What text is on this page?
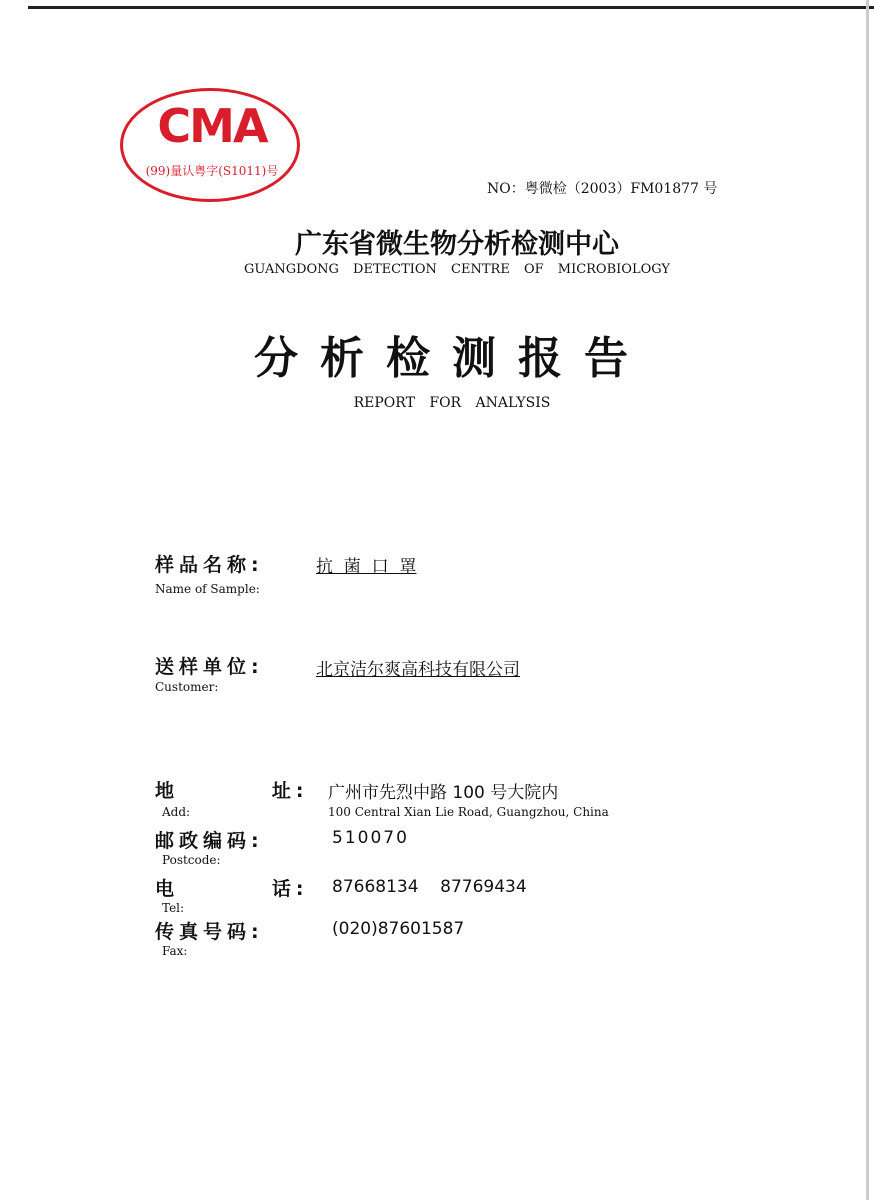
CMA
(99)量认粤字(S1011)号
NO：粤微检（2003）FM01877 号
广东省微生物分析检测中心
GUANGDONG DETECTION CENTRE OF MICROBIOLOGY
分析检测报告
REPORT FOR ANALYSIS
样品名称:
Name of Sample:
抗  菌  口  罩
送样单位:
Customer:
北京洁尔爽高科技有限公司
地        址:
Add:
广州市先烈中路 100 号大院内
100 Central Xian Lie Road, Guangzhou, China
邮政编码:
Postcode:
510070
电        话:
Tel:
87668134    87769434
传真号码:
Fax:
(020)87601587
